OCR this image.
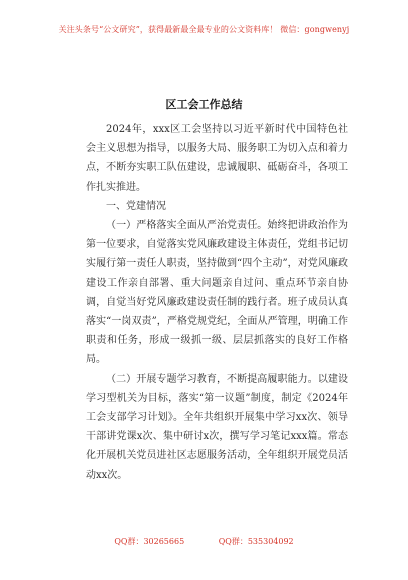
关注头条号“公文研究”，获得最新最全最专业的公文资料库！ 微信：gongwenyj
区工会工作总结

2024年，xxx区工会坚持以习近平新时代中国特色社会主义思想为指导，以服务大局、服务职工为切入点和着力点，不断夯实职工队伍建设，忠诚履职、砥砺奋斗，各项工作扎实推进。

一、党建情况

（一）严格落实全面从严治党责任。始终把讲政治作为第一位要求，自觉落实党风廉政建设主体责任，党组书记切实履行第一责任人职责，坚持做到“四个主动”，对党风廉政建设工作亲自部署、重大问题亲自过问、重点环节亲自协调，自觉当好党风廉政建设责任制的践行者。班子成员认真落实“一岗双责”，严格党规党纪，全面从严管理，明确工作职责和任务，形成一级抓一级、层层抓落实的良好工作格局。

（二）开展专题学习教育，不断提高履职能力。以建设学习型机关为目标，落实“第一议题”制度，制定《2024年工会支部学习计划》。全年共组织开展集中学习xx次、领导干部讲党课x次、集中研讨x次，撰写学习笔记xxx篇。常态化开展机关党员进社区志愿服务活动，全年组织开展党员活动xx次。

QQ群：30265665	QQ群：535304092
